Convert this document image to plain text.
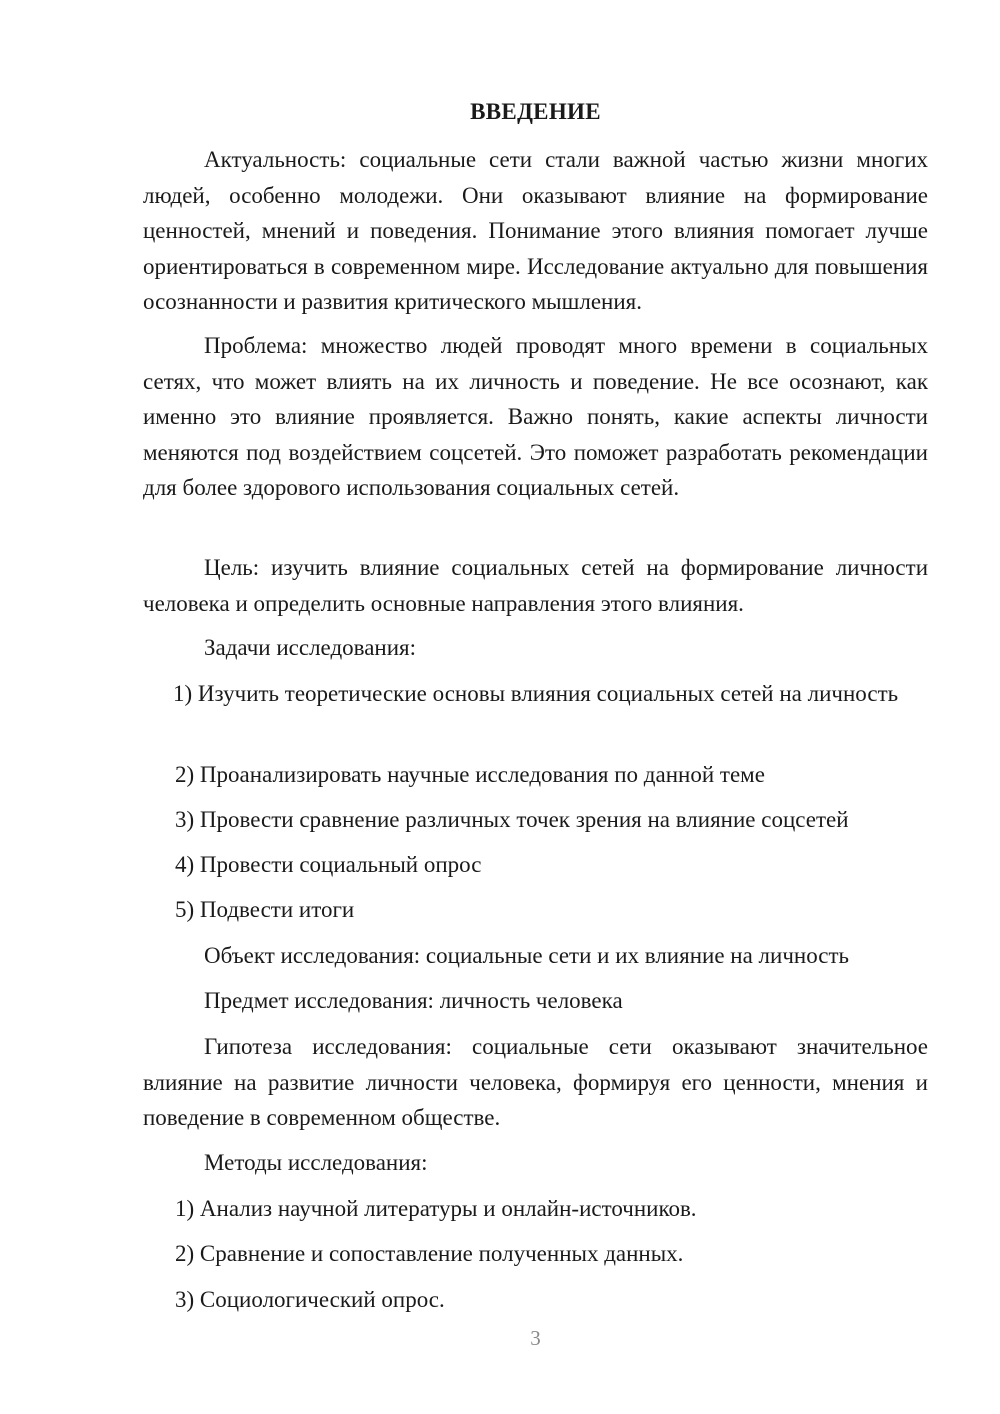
ВВЕДЕНИЕ

Актуальность: социальные сети стали важной частью жизни многих людей, особенно молодежи. Они оказывают влияние на формирование ценностей, мнений и поведения. Понимание этого влияния помогает лучше ориентироваться в современном мире. Исследование актуально для повышения осознанности и развития критического мышления.

Проблема: множество людей проводят много времени в социальных сетях, что может влиять на их личность и поведение. Не все осознают, как именно это влияние проявляется. Важно понять, какие аспекты личности меняются под воздействием соцсетей. Это поможет разработать рекомендации для более здорового использования социальных сетей.

Цель: изучить влияние социальных сетей на формирование личности человека и определить основные направления этого влияния.

Задачи исследования:

1) Изучить теоретические основы влияния социальных сетей на личность

2) Проанализировать научные исследования по данной теме

3) Провести сравнение различных точек зрения на влияние соцсетей

4) Провести социальный опрос

5) Подвести итоги

Объект исследования: социальные сети и их влияние на личность

Предмет исследования: личность человека

Гипотеза исследования: социальные сети оказывают значительное влияние на развитие личности человека, формируя его ценности, мнения и поведение в современном обществе.

Методы исследования:

1) Анализ научной литературы и онлайн-источников.

2) Сравнение и сопоставление полученных данных.

3) Социологический опрос.

3
